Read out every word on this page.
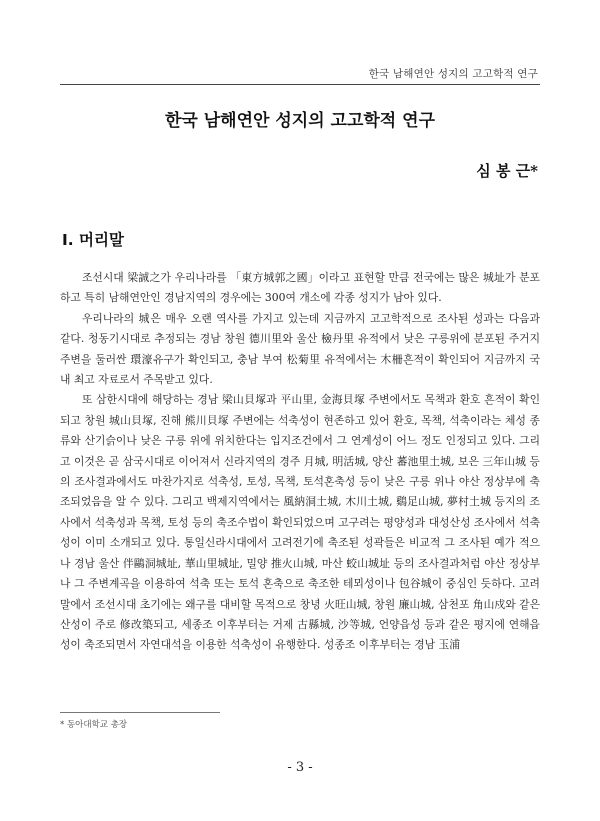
한국 남해연안 성지의 고고학적 연구
한국 남해연안 성지의 고고학적 연구
심 봉 근*
Ⅰ. 머리말

조선시대 梁誠之가 우리나라를 「東方城郭之國」이라고 표현할 만큼 전국에는 많은 城址가 분포하고 특히 남해연안인 경남지역의 경우에는 300여 개소에 각종 성지가 남아 있다.

우리나라의 城은 매우 오랜 역사를 가지고 있는데 지금까지 고고학적으로 조사된 성과는 다음과 같다. 청동기시대로 추정되는 경남 창원 德川里와 울산 檢丹里 유적에서 낮은 구릉위에 분포된 주거지 주변을 둘러싼 環濠유구가 확인되고, 충남 부여 松菊里 유적에서는 木柵흔적이 확인되어 지금까지 국내 최고 자료로서 주목받고 있다.

또 삼한시대에 해당하는 경남 梁山貝塚과 平山里, 金海貝塚 주변에서도 목책과 환호 흔적이 확인되고 창원 城山貝塚, 진해 熊川貝塚 주변에는 석축성이 현존하고 있어 환호, 목책, 석축이라는 체성 종류와 산기슭이나 낮은 구릉 위에 위치한다는 입지조건에서 그 연계성이 어느 정도 인정되고 있다. 그리고 이것은 곧 삼국시대로 이어져서 신라지역의 경주 月城, 明活城, 양산 蕃池里土城, 보은 三年山城 등의 조사결과에서도 마찬가지로 석축성, 토성, 목책, 토석혼축성 등이 낮은 구릉 위나 야산 정상부에 축조되었음을 알 수 있다. 그리고 백제지역에서는 風納洞土城, 木川土城, 鷄足山城, 夢村土城 등지의 조사에서 석축성과 목책, 토성 등의 축조수법이 확인되었으며 고구려는 평양성과 대성산성 조사에서 석축성이 이미 소개되고 있다. 통일신라시대에서 고려전기에 축조된 성곽들은 비교적 그 조사된 예가 적으나 경남 울산 伴鷗洞城址, 華山里城址, 밀양 推火山城, 마산 蛟山城址 등의 조사결과처럼 야산 정상부나 그 주변계곡을 이용하여 석축 또는 토석 혼축으로 축조한 테뫼성이나 包谷城이 중심인 듯하다. 고려 말에서 조선시대 초기에는 왜구를 대비할 목적으로 창녕 火旺山城, 창원 廉山城, 삼천포 角山戍와 같은 산성이 주로 修改築되고, 세종조 이후부터는 거제 古縣城, 沙等城, 언양읍성 등과 같은 평지에 연해읍성이 축조되면서 자연대석을 이용한 석축성이 유행한다. 성종조 이후부터는 경남 玉浦

* 동아대학교 총장
- 3 -
